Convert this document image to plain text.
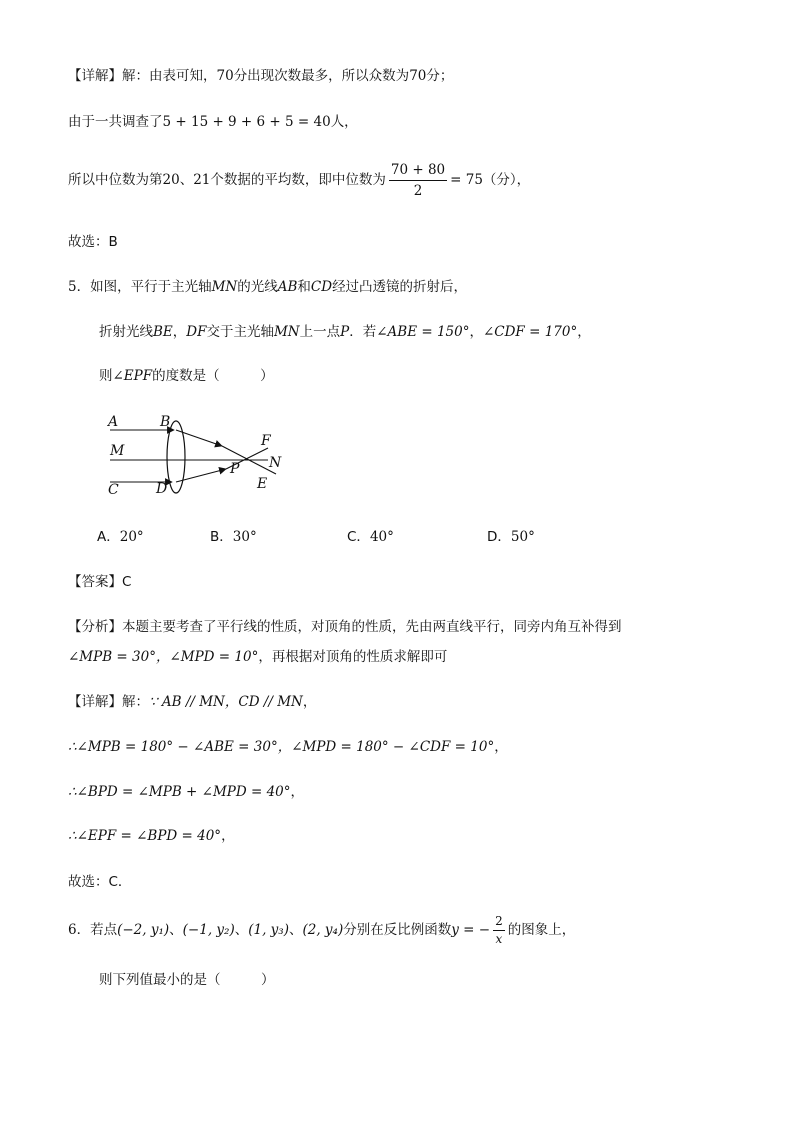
【详解】解：由表可知，70分出现次数最多，所以众数为70分；
由于一共调查了5 + 15 + 9 + 6 + 5 = 40人，
所以中位数为第20、21个数据的平均数，即中位数为 $\frac{70 + 80}{2} = 75$（分），
故选：B
5．如图，平行于主光轴MN的光线AB和CD经过凸透镜的折射后，
折射光线BE，DF交于主光轴MN上一点P．若∠ABE = 150°，∠CDF = 170°，
则∠EPF的度数是（　　　）
A	B
M
C	D
P
F
N
E
A．20°	B．30°	C．40°	D．50°
【答案】C
【分析】本题主要考查了平行线的性质，对顶角的性质，先由两直线平行，同旁内角互补得到
∠MPB = 30°，∠MPD = 10°，再根据对顶角的性质求解即可
【详解】解：∵ AB // MN，CD // MN，
∴∠MPB = 180° − ∠ABE = 30°，∠MPD = 180° − ∠CDF = 10°，
∴∠BPD = ∠MPB + ∠MPD = 40°，
∴∠EPF = ∠BPD = 40°，
故选：C．
6．若点(−2, y₁)、(−1, y₂)、(1, y₃)、(2, y₄)分别在反比例函数y = − $\frac{2}{x}$ 的图象上，
则下列值最小的是（　　　）
